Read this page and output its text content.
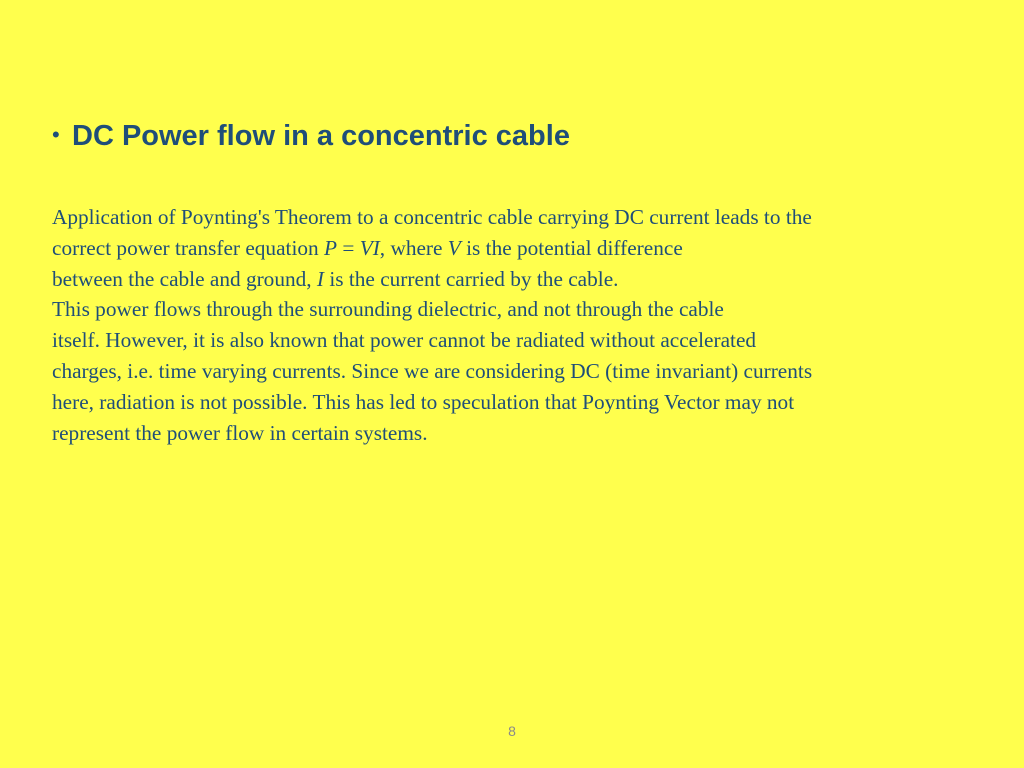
• DC Power flow in a concentric cable
Application of Poynting's Theorem to a concentric cable carrying DC current leads to the
correct power transfer equation P = VI, where V is the potential difference
between the cable and ground, I is the current carried by the cable.
This power flows through the surrounding dielectric, and not through the cable
itself. However, it is also known that power cannot be radiated without accelerated
charges, i.e. time varying currents. Since we are considering DC (time invariant) currents
here, radiation is not possible. This has led to speculation that Poynting Vector may not
represent the power flow in certain systems.
8
